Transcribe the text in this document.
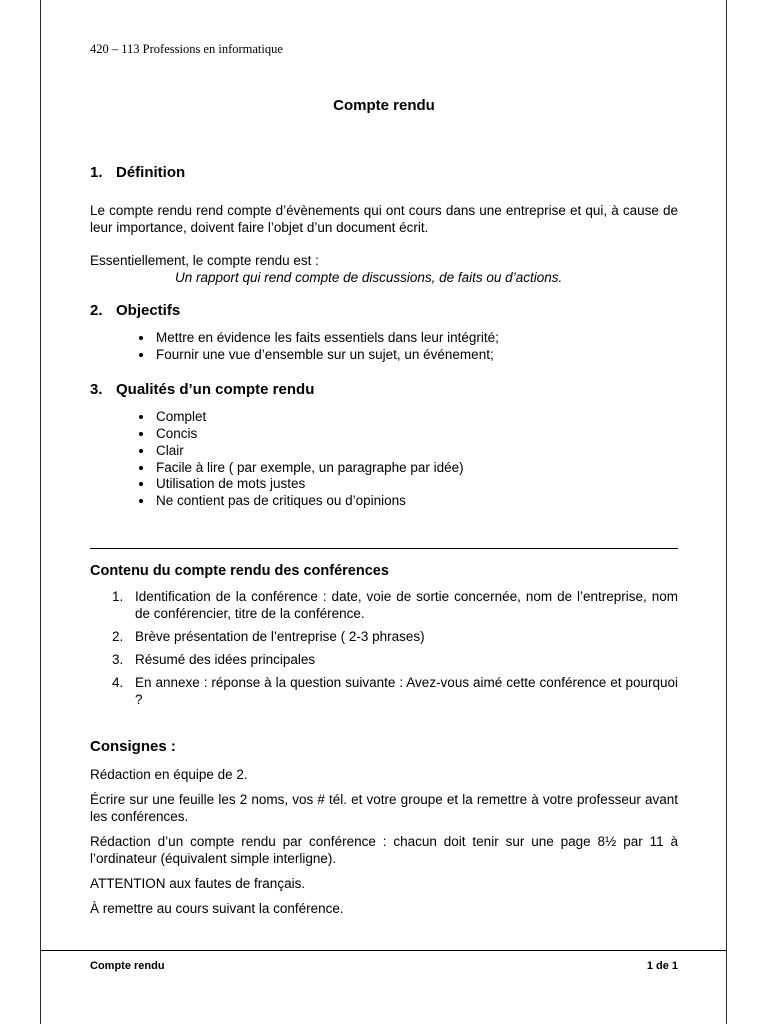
420 – 113 Professions en informatique
Compte rendu
1. Définition

Le compte rendu rend compte d’évènements qui ont cours dans une entreprise et qui, à cause de leur importance, doivent faire l’objet d’un document écrit.

Essentiellement, le compte rendu est :

Un rapport qui rend compte de discussions, de faits ou d’actions.

2. Objectifs
• Mettre en évidence les faits essentiels dans leur intégrité;
• Fournir une vue d’ensemble sur un sujet, un événement;
3. Qualités d’un compte rendu
• Complet
• Concis
• Clair
• Facile à lire ( par exemple, un paragraphe par idée)
• Utilisation de mots justes
• Ne contient pas de critiques ou d’opinions
Contenu du compte rendu des conférences
1. Identification de la conférence : date, voie de sortie concernée, nom de l’entreprise, nom de conférencier, titre de la conférence.
2. Brève présentation de l’entreprise ( 2-3 phrases)
3. Résumé des idées principales
4. En annexe : réponse à la question suivante : Avez-vous aimé cette conférence et pourquoi ?
Consignes :

Rédaction en équipe de 2.

Écrire sur une feuille les 2 noms, vos # tél. et votre groupe et la remettre à votre professeur avant les conférences.

Rédaction d’un compte rendu par conférence : chacun doit tenir sur une page 8½ par 11 à l’ordinateur (équivalent simple interligne).

ATTENTION aux fautes de français.

À remettre au cours suivant la conférence.

Compte rendu	1 de 1
